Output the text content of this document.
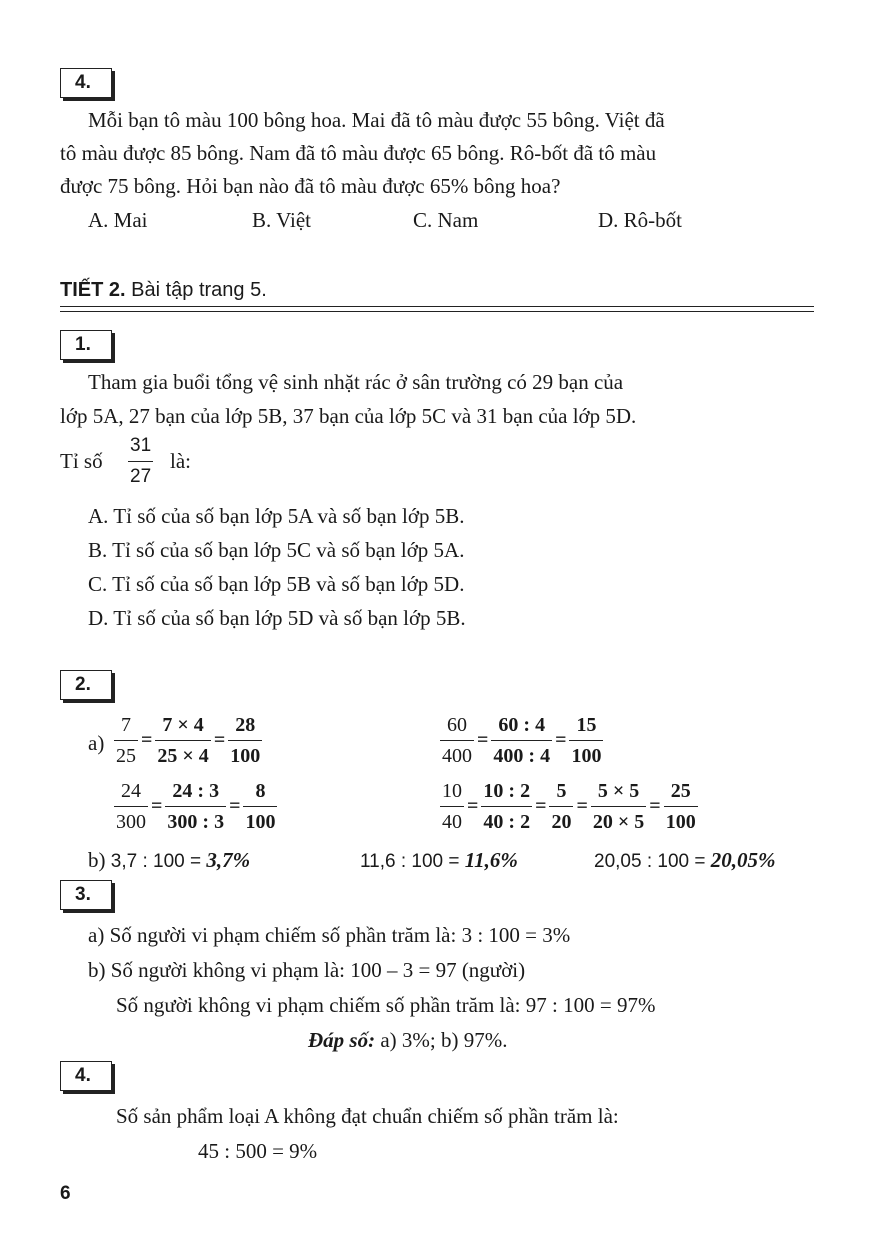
4.
Mỗi bạn tô màu 100 bông hoa. Mai đã tô màu được 55 bông. Việt đã
tô màu được 85 bông. Nam đã tô màu được 65 bông. Rô-bốt đã tô màu
được 75 bông. Hỏi bạn nào đã tô màu được 65% bông hoa?
A. Mai	B. Việt	C. Nam	D. Rô-bốt
TIẾT 2. Bài tập trang 5.
1.
Tham gia buổi tổng vệ sinh nhặt rác ở sân trường có 29 bạn của
lớp 5A, 27 bạn của lớp 5B, 37 bạn của lớp 5C và 31 bạn của lớp 5D.
Tỉ số
31
27
là:
A. Tỉ số của số bạn lớp 5A và số bạn lớp 5B.
B. Tỉ số của số bạn lớp 5C và số bạn lớp 5A.
C. Tỉ số của số bạn lớp 5B và số bạn lớp 5D.
D. Tỉ số của số bạn lớp 5D và số bạn lớp 5B.
2.
$a) \frac{7}{25} = \frac{7 \times 4}{25 \times 4} = \frac{28}{100}$	$\frac{60}{400} = \frac{60 : 4}{400 : 4} = \frac{15}{100}$
$\frac{24}{300} = \frac{24 : 3}{300 : 3} = \frac{8}{100}$	$\frac{10}{40} = \frac{10 : 2}{40 : 2} = \frac{5}{20} = \frac{5 \times 5}{20 \times 5} = \frac{25}{100}$
b) 3,7 : 100 = 3,7%	11,6 : 100 = 11,6%	20,05 : 100 = 20,05%
3.
a) Số người vi phạm chiếm số phần trăm là: 3 : 100 = 3%
b) Số người không vi phạm là: 100 – 3 = 97 (người)
Số người không vi phạm chiếm số phần trăm là: 97 : 100 = 97%
Đáp số: a) 3%; b) 97%.
4.
Số sản phẩm loại A không đạt chuẩn chiếm số phần trăm là:
45 : 500 = 9%
6
